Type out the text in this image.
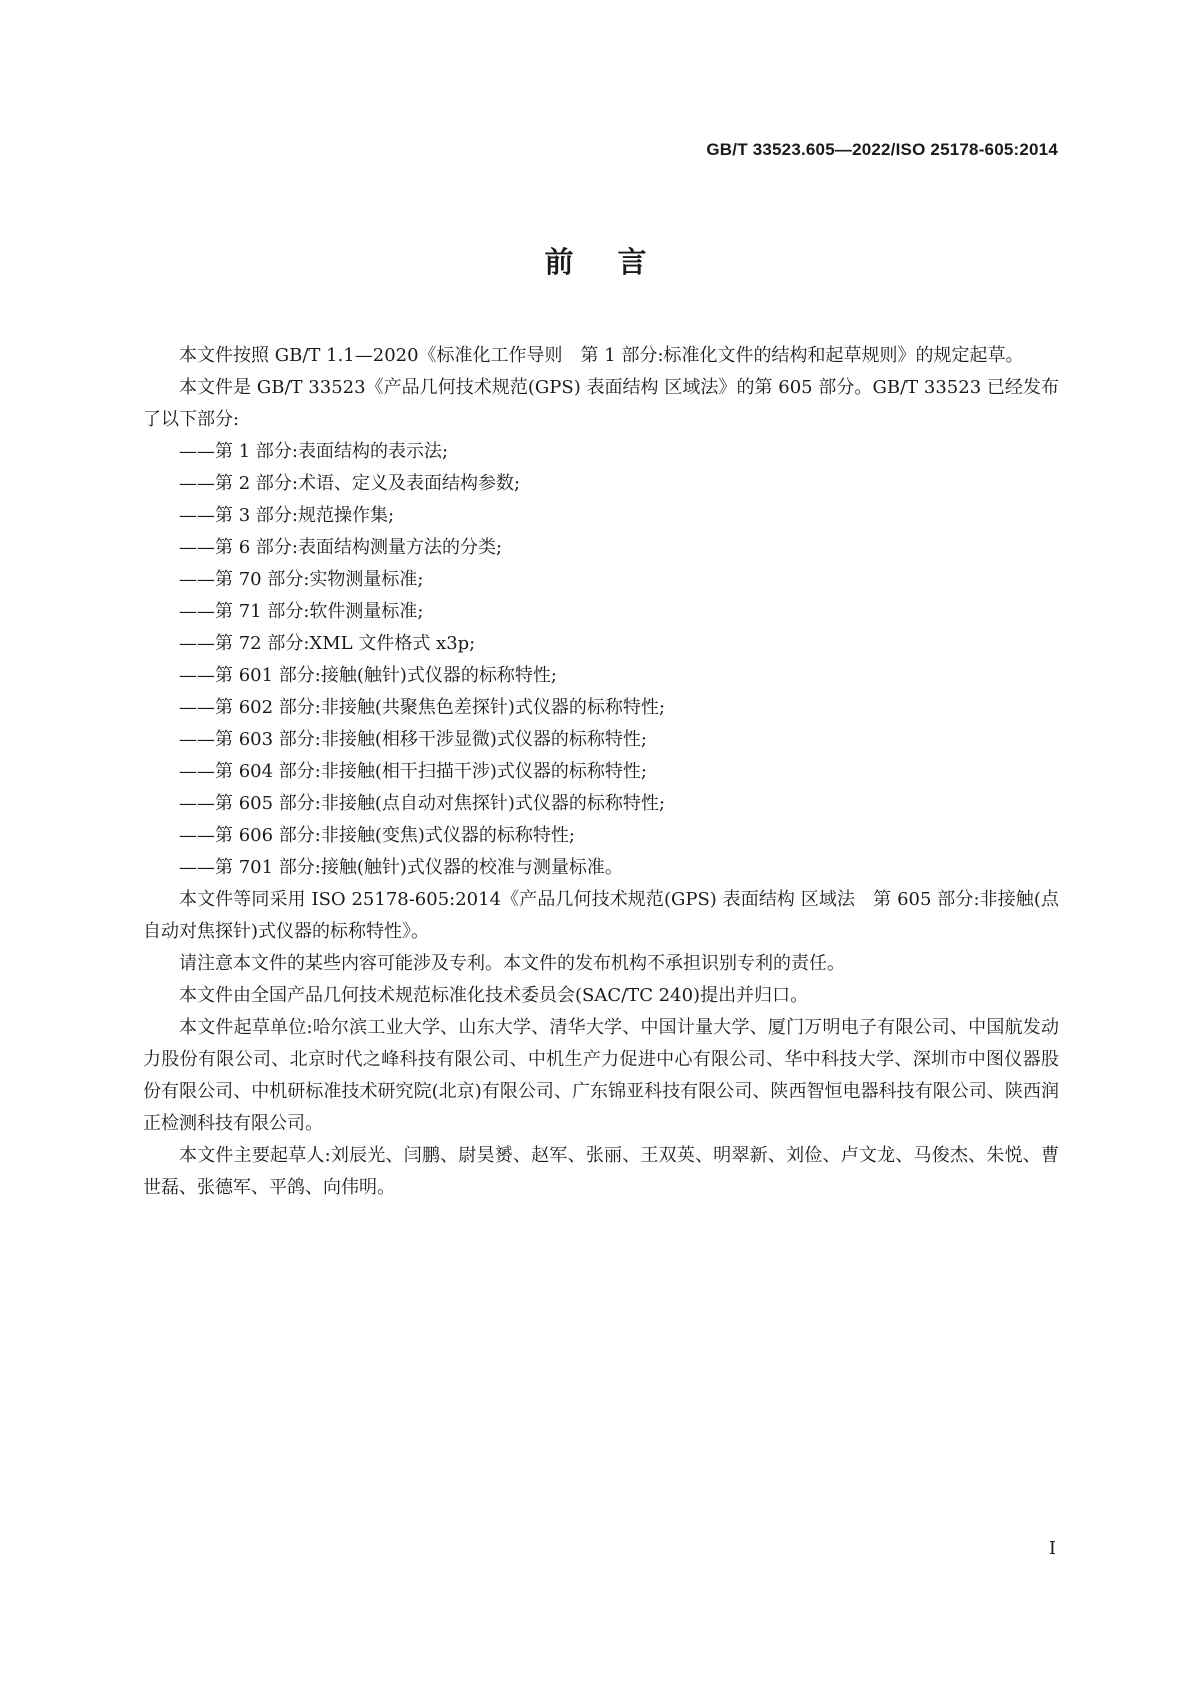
GB/T 33523.605—2022/ISO 25178-605:2014
前言

本文件按照 GB/T 1.1—2020《标准化工作导则　第 1 部分:标准化文件的结构和起草规则》的规定起草。

本文件是 GB/T 33523《产品几何技术规范(GPS) 表面结构 区域法》的第 605 部分。GB/T 33523 已经发布了以下部分:

——第 1 部分:表面结构的表示法;
——第 2 部分:术语、定义及表面结构参数;
——第 3 部分:规范操作集;
——第 6 部分:表面结构测量方法的分类;
——第 70 部分:实物测量标准;
——第 71 部分:软件测量标准;
——第 72 部分:XML 文件格式 x3p;
——第 601 部分:接触(触针)式仪器的标称特性;
——第 602 部分:非接触(共聚焦色差探针)式仪器的标称特性;
——第 603 部分:非接触(相移干涉显微)式仪器的标称特性;
——第 604 部分:非接触(相干扫描干涉)式仪器的标称特性;
——第 605 部分:非接触(点自动对焦探针)式仪器的标称特性;
——第 606 部分:非接触(变焦)式仪器的标称特性;
——第 701 部分:接触(触针)式仪器的校准与测量标准。

本文件等同采用 ISO 25178-605:2014《产品几何技术规范(GPS) 表面结构 区域法　第 605 部分:非接触(点自动对焦探针)式仪器的标称特性》。

请注意本文件的某些内容可能涉及专利。本文件的发布机构不承担识别专利的责任。

本文件由全国产品几何技术规范标准化技术委员会(SAC/TC 240)提出并归口。

本文件起草单位:哈尔滨工业大学、山东大学、清华大学、中国计量大学、厦门万明电子有限公司、中国航发动力股份有限公司、北京时代之峰科技有限公司、中机生产力促进中心有限公司、华中科技大学、深圳市中图仪器股份有限公司、中机研标准技术研究院(北京)有限公司、广东锦亚科技有限公司、陕西智恒电器科技有限公司、陕西润正检测科技有限公司。

本文件主要起草人:刘辰光、闫鹏、尉昊赟、赵军、张丽、王双英、明翠新、刘俭、卢文龙、马俊杰、朱悦、曹世磊、张德军、平鸽、向伟明。

I
